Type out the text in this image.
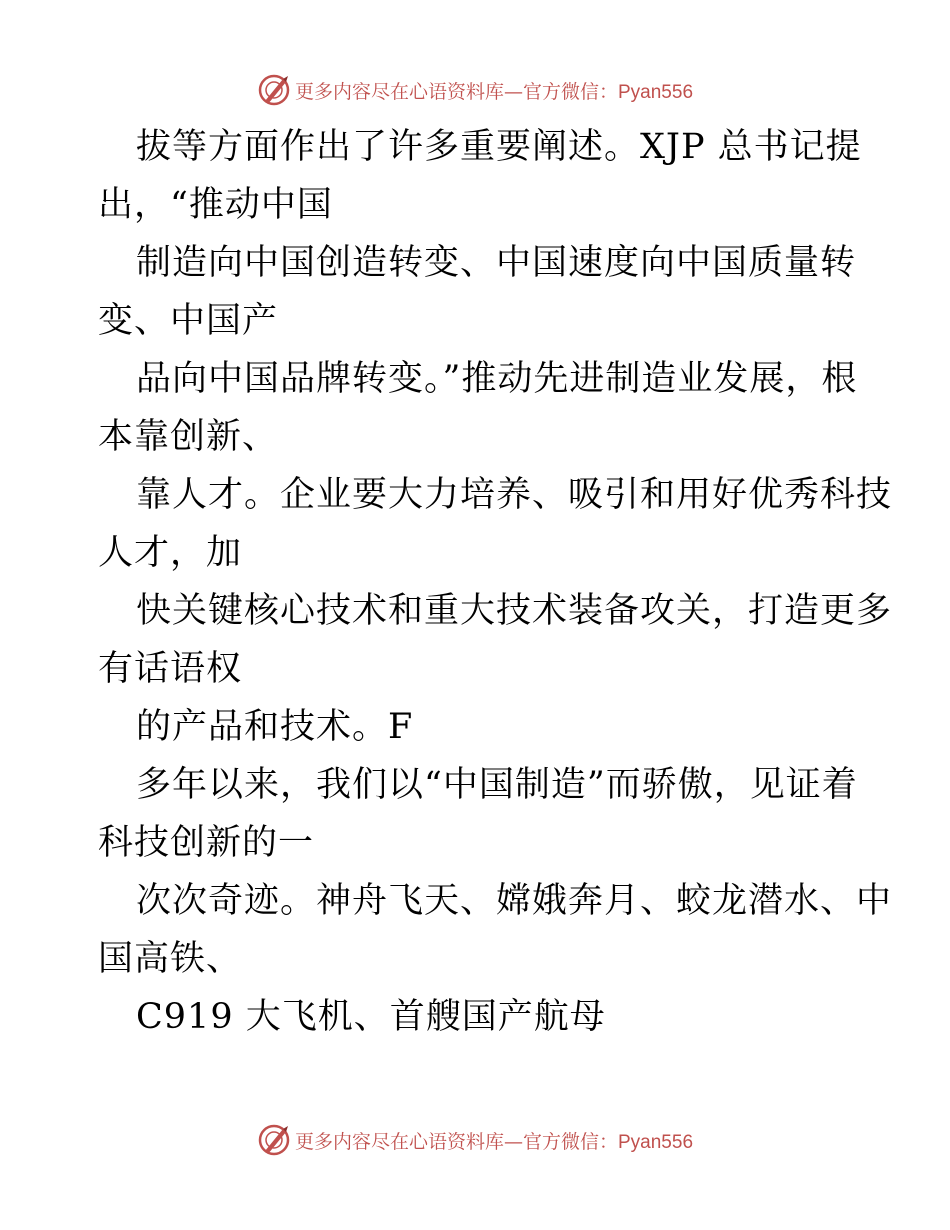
更多内容尽在心语资料库—官方微信：Pyan556
拔等方面作出了许多重要阐述。XJP 总书记提
出，“推动中国
制造向中国创造转变、中国速度向中国质量转
变、中国产
品向中国品牌转变。”推动先进制造业发展，根
本靠创新、
靠人才。企业要大力培养、吸引和用好优秀科技
人才，加
快关键核心技术和重大技术装备攻关，打造更多
有话语权
的产品和技术。F
多年以来，我们以“中国制造”而骄傲，见证着
科技创新的一
次次奇迹。神舟飞天、嫦娥奔月、蛟龙潜水、中
国高铁、
C919 大飞机、首艘国产航母
更多内容尽在心语资料库—官方微信：Pyan556
